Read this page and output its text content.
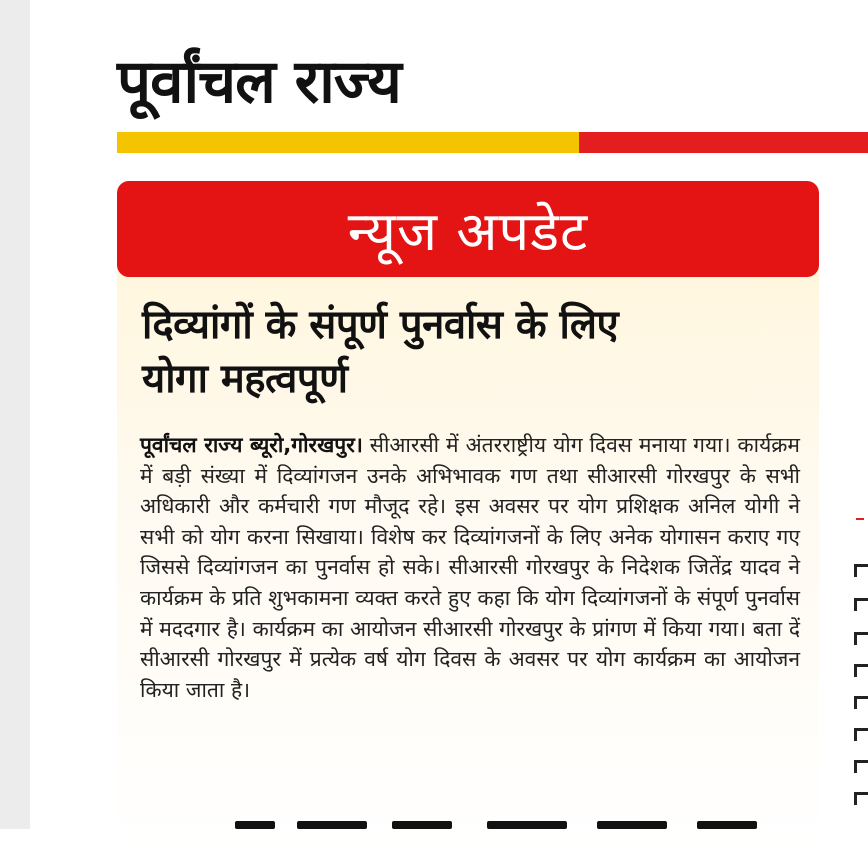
पूर्वांचल राज्य
न्यूज अपडेट
दिव्यांगों के संपूर्ण पुनर्वास के लिए
योगा महत्वपूर्ण
पूर्वांचल राज्य ब्यूरो,गोरखपुर। सीआरसी में अंतरराष्ट्रीय योग दिवस मनाया गया। कार्यक्रम में बड़ी संख्या में दिव्यांगजन उनके अभिभावक गण तथा सीआरसी गोरखपुर के सभी अधिकारी और कर्मचारी गण मौजूद रहे। इस अवसर पर योग प्रशिक्षक अनिल योगी ने सभी को योग करना सिखाया। विशेष कर दिव्यांगजनों के लिए अनेक योगासन कराए गए जिससे दिव्यांगजन का पुनर्वास हो सके। सीआरसी गोरखपुर के निदेशक जितेंद्र यादव ने कार्यक्रम के प्रति शुभकामना व्यक्त करते हुए कहा कि योग दिव्यांगजनों के संपूर्ण पुनर्वास में मददगार है। कार्यक्रम का आयोजन सीआरसी गोरखपुर के प्रांगण में किया गया। बता दें सीआरसी गोरखपुर में प्रत्येक वर्ष योग दिवस के अवसर पर योग कार्यक्रम का आयोजन किया जाता है।
